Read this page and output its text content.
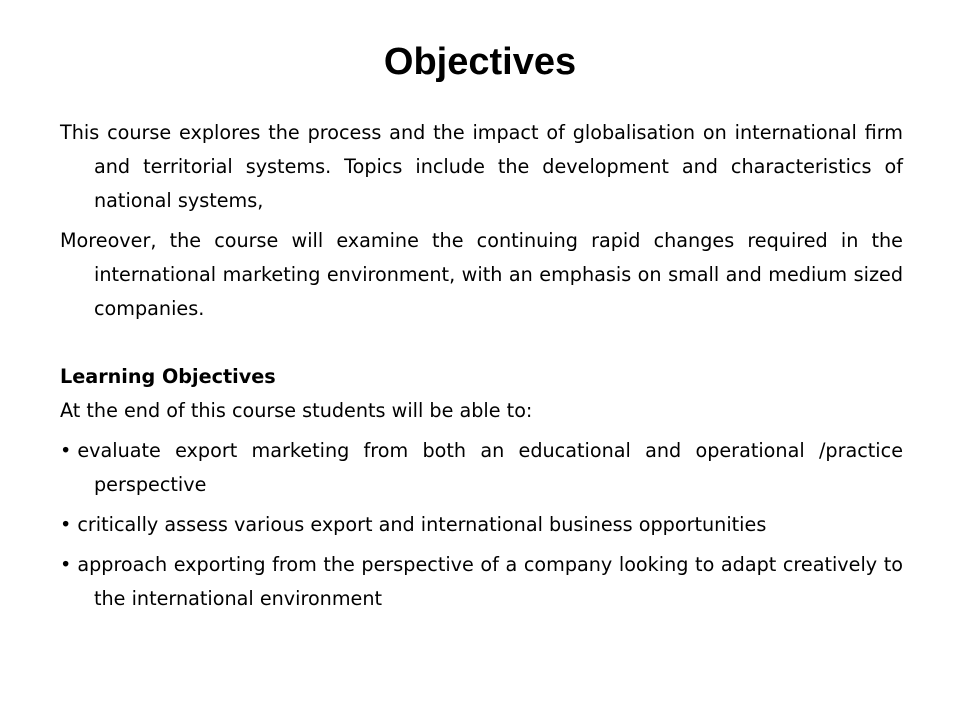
Objectives

This course explores the process and the impact of globalisation on international firm and territorial systems. Topics include the development and characteristics of national systems,

Moreover, the course will examine the continuing rapid changes required in the international marketing environment, with an emphasis on small and medium sized companies.

Learning Objectives

At the end of this course students will be able to:

• evaluate export marketing from both an educational and operational /practice perspective

• critically assess various export and international business opportunities

• approach exporting from the perspective of a company looking to adapt creatively to the international environment
